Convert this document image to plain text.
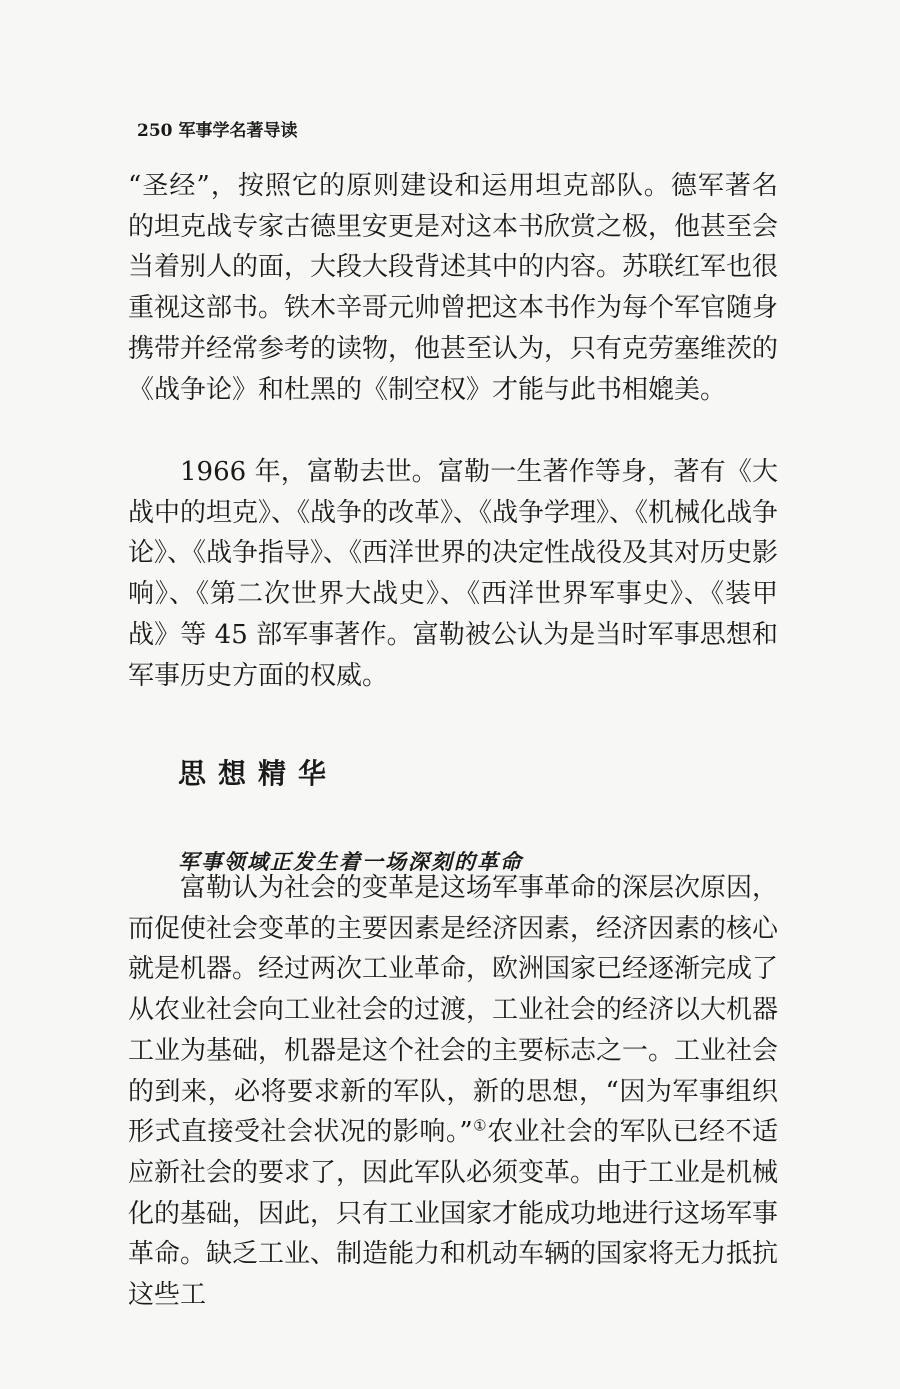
250 军事学名著导读

“圣经”，按照它的原则建设和运用坦克部队。德军著名的坦克战专家古德里安更是对这本书欣赏之极，他甚至会当着别人的面，大段大段背述其中的内容。苏联红军也很重视这部书。铁木辛哥元帅曾把这本书作为每个军官随身携带并经常参考的读物，他甚至认为，只有克劳塞维茨的《战争论》和杜黑的《制空权》才能与此书相媲美。

1966 年，富勒去世。富勒一生著作等身，著有《大战中的坦克》、《战争的改革》、《战争学理》、《机械化战争论》、《战争指导》、《西洋世界的决定性战役及其对历史影响》、《第二次世界大战史》、《西洋世界军事史》、《装甲战》等 45 部军事著作。富勒被公认为是当时军事思想和军事历史方面的权威。

思想精华
军事领域正发生着一场深刻的革命

富勒认为社会的变革是这场军事革命的深层次原因，而促使社会变革的主要因素是经济因素，经济因素的核心就是机器。经过两次工业革命，欧洲国家已经逐渐完成了从农业社会向工业社会的过渡，工业社会的经济以大机器工业为基础，机器是这个社会的主要标志之一。工业社会的到来，必将要求新的军队，新的思想，“因为军事组织形式直接受社会状况的影响。”①农业社会的军队已经不适应新社会的要求了，因此军队必须变革。由于工业是机械化的基础，因此，只有工业国家才能成功地进行这场军事革命。缺乏工业、制造能力和机动车辆的国家将无力抵抗这些工
